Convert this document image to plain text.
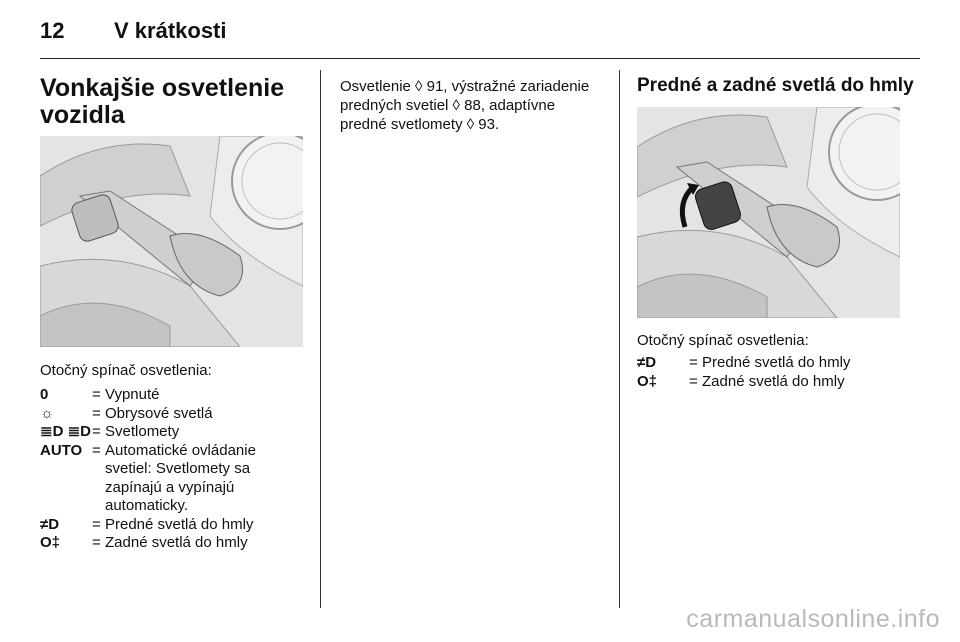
12 V krátkosti
Vonkajšie osvetlenie vozidla
Otočný spínač osvetlenia:
0	= Vypnuté
☼	= Obrysové svetlá
≣D ≣D = Svetlomety
AUTO = Automatické ovládanie svetiel: Svetlomety sa zapínajú a vypínajú automaticky.
≠D	= Predné svetlá do hmly
O‡	= Zadné svetlá do hmly
Osvetlenie ◊ 91, výstražné zariadenie predných svetiel ◊ 88, adaptívne predné svetlomety ◊ 93.
Predné a zadné svetlá do hmly
Otočný spínač osvetlenia:
≠D	= Predné svetlá do hmly
O‡	= Zadné svetlá do hmly
carmanualsonline.info
